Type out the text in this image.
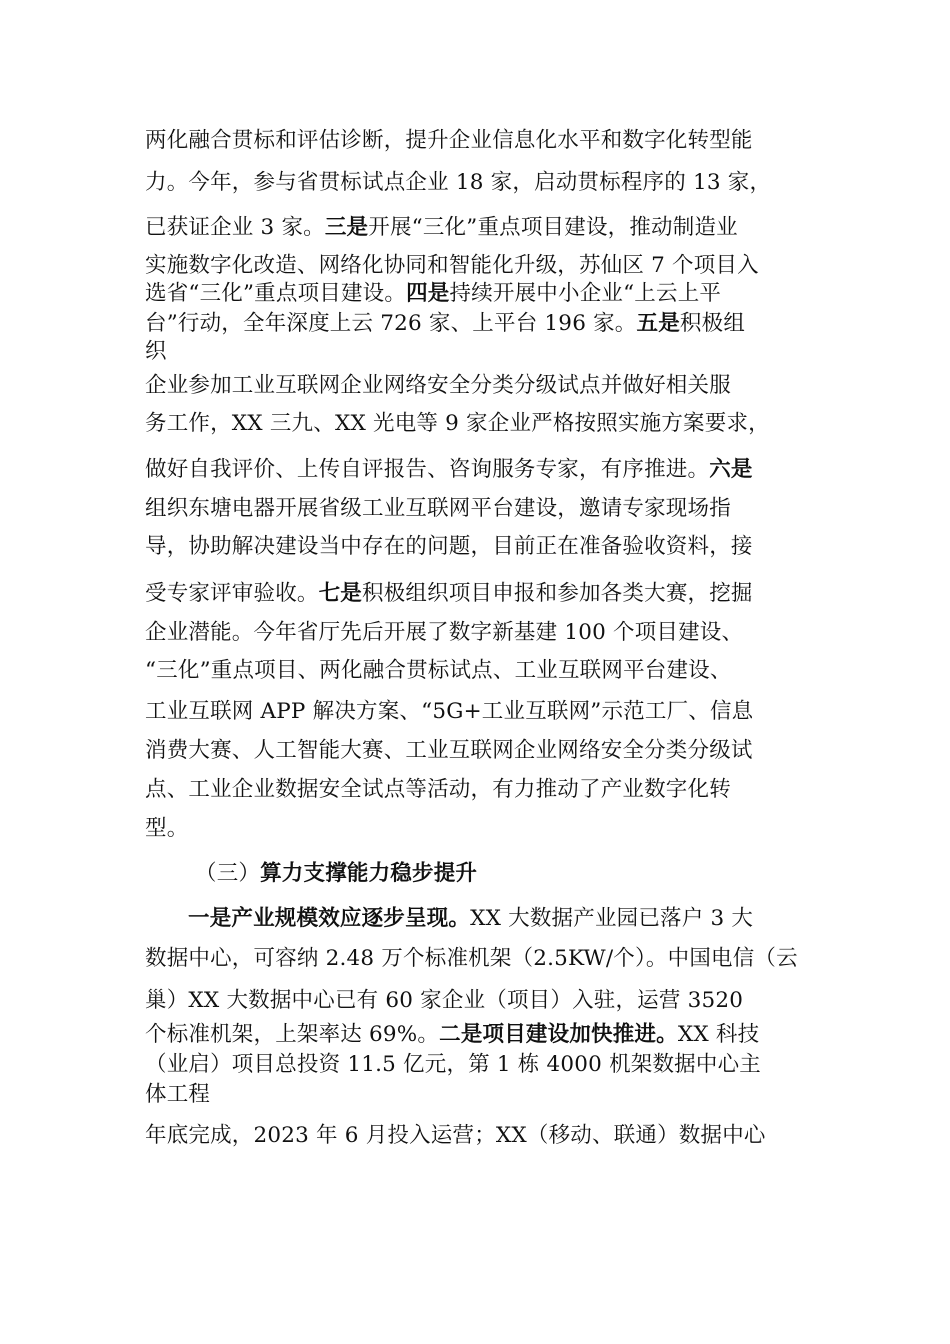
两化融合贯标和评估诊断，提升企业信息化水平和数字化转型能
力。今年，参与省贯标试点企业 18 家，启动贯标程序的 13 家，
已获证企业 3 家。三是开展“三化”重点项目建设，推动制造业
实施数字化改造、网络化协同和智能化升级，苏仙区 7 个项目入
选省“三化”重点项目建设。四是持续开展中小企业“上云上平
台”行动，全年深度上云 726 家、上平台 196 家。五是积极组
织
企业参加工业互联网企业网络安全分类分级试点并做好相关服
务工作，XX 三九、XX 光电等 9 家企业严格按照实施方案要求，
做好自我评价、上传自评报告、咨询服务专家，有序推进。六是
组织东塘电器开展省级工业互联网平台建设，邀请专家现场指
导，协助解决建设当中存在的问题，目前正在准备验收资料，接
受专家评审验收。七是积极组织项目申报和参加各类大赛，挖掘
企业潜能。今年省厅先后开展了数字新基建 100 个项目建设、
“三化”重点项目、两化融合贯标试点、工业互联网平台建设、
工业互联网 APP 解决方案、“5G+工业互联网”示范工厂、信息
消费大赛、人工智能大赛、工业互联网企业网络安全分类分级试
点、工业企业数据安全试点等活动，有力推动了产业数字化转
型。
（三）算力支撑能力稳步提升
一是产业规模效应逐步呈现。XX 大数据产业园已落户 3 大
数据中心，可容纳 2.48 万个标准机架（2.5KW/个）。中国电信（云
巢）XX 大数据中心已有 60 家企业（项目）入驻，运营 3520
个标准机架，上架率达 69%。二是项目建设加快推进。XX 科技
（业启）项目总投资 11.5 亿元，第 1 栋 4000 机架数据中心主
体工程
年底完成，2023 年 6 月投入运营；XX（移动、联通）数据中心
